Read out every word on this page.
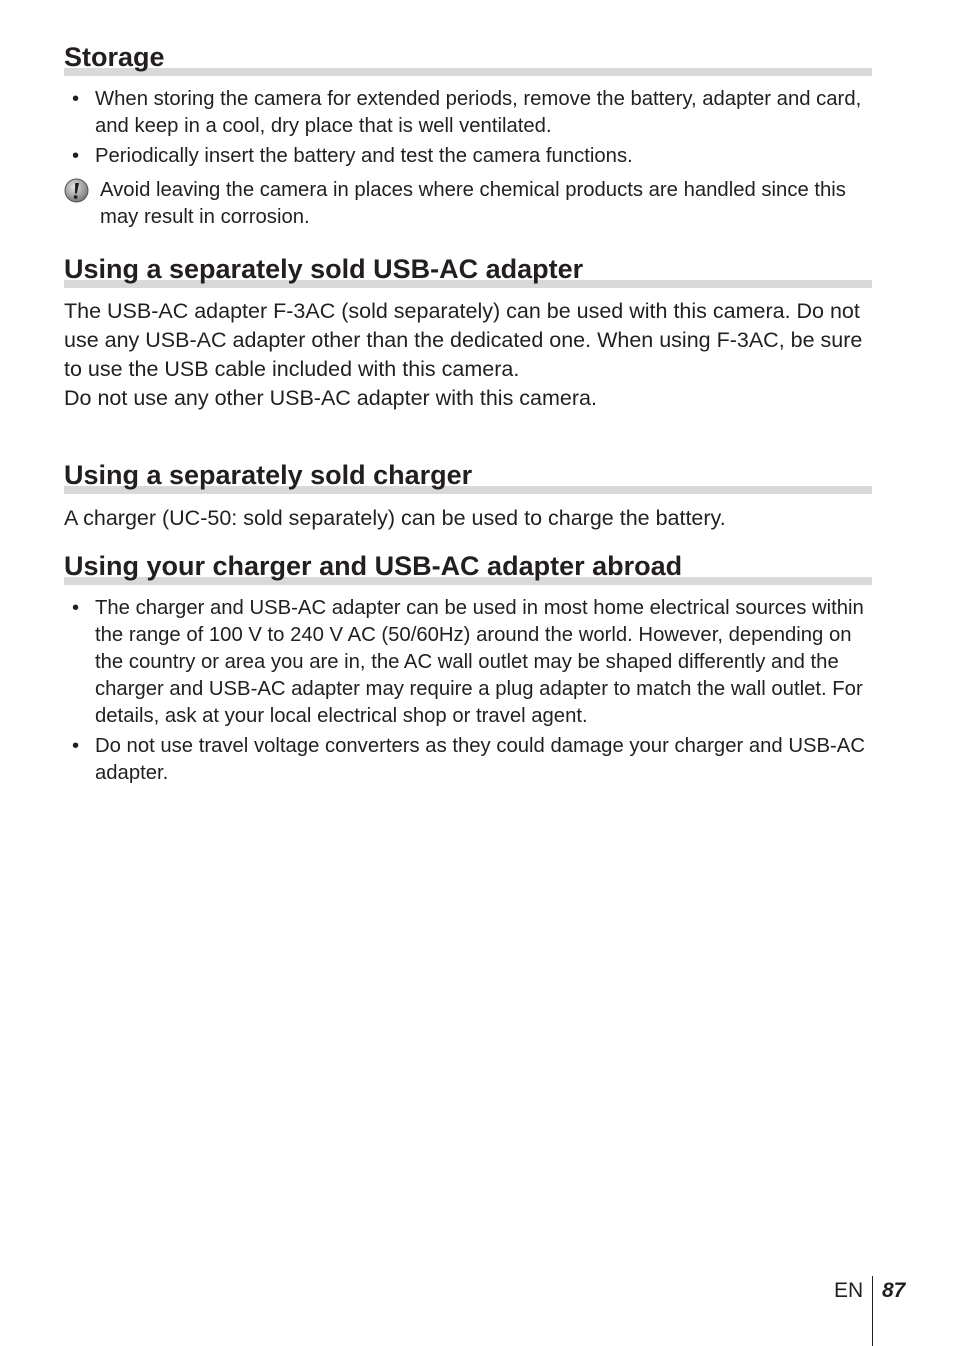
Storage
• When storing the camera for extended periods, remove the battery, adapter and card, and keep in a cool, dry place that is well ventilated.
• Periodically insert the battery and test the camera functions.
Avoid leaving the camera in places where chemical products are handled since this may result in corrosion.
Using a separately sold USB-AC adapter

The USB-AC adapter F-3AC (sold separately) can be used with this camera. Do not use any USB-AC adapter other than the dedicated one. When using F-3AC, be sure to use the USB cable included with this camera.

Do not use any other USB-AC adapter with this camera.

Using a separately sold charger

A charger (UC-50: sold separately) can be used to charge the battery.

Using your charger and USB-AC adapter abroad
• The charger and USB-AC adapter can be used in most home electrical sources within the range of 100 V to 240 V AC (50/60Hz) around the world. However, depending on the country or area you are in, the AC wall outlet may be shaped differently and the charger and USB-AC adapter may require a plug adapter to match the wall outlet. For details, ask at your local electrical shop or travel agent.
• Do not use travel voltage converters as they could damage your charger and USB-AC adapter.
EN 87
